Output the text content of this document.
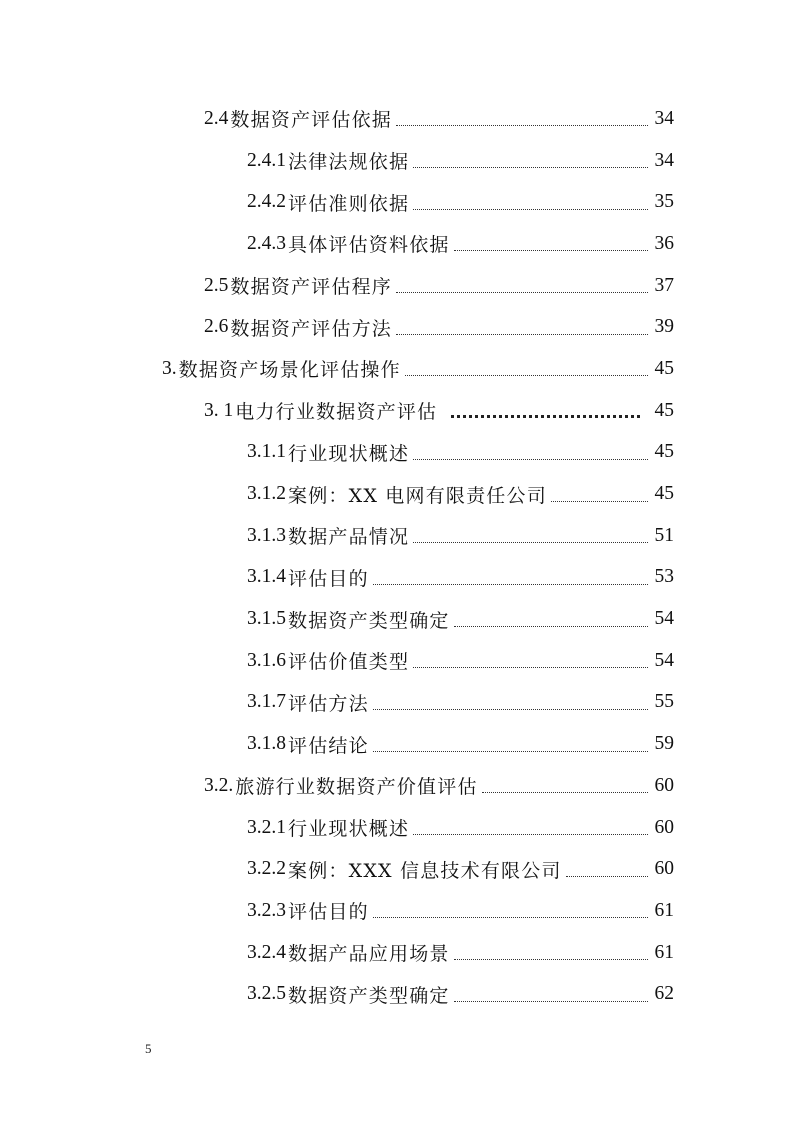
2.4 数据资产评估依据	34
2.4.1 法律法规依据	34
2.4.2 评估准则依据	35
2.4.3 具体评估资料依据	36
2.5 数据资产评估程序	37
2.6 数据资产评估方法	39
3. 数据资产场景化评估操作	45
3. 1 电力行业数据资产评估	45
3.1.1 行业现状概述	45
3.1.2 案例：XX 电网有限责任公司	45
3.1.3 数据产品情况	51
3.1.4 评估目的	53
3.1.5 数据资产类型确定	54
3.1.6 评估价值类型	54
3.1.7 评估方法	55
3.1.8 评估结论	59
3.2. 旅游行业数据资产价值评估	60
3.2.1 行业现状概述	60
3.2.2 案例：XXX 信息技术有限公司	60
3.2.3 评估目的	61
3.2.4 数据产品应用场景	61
3.2.5 数据资产类型确定	62
5
